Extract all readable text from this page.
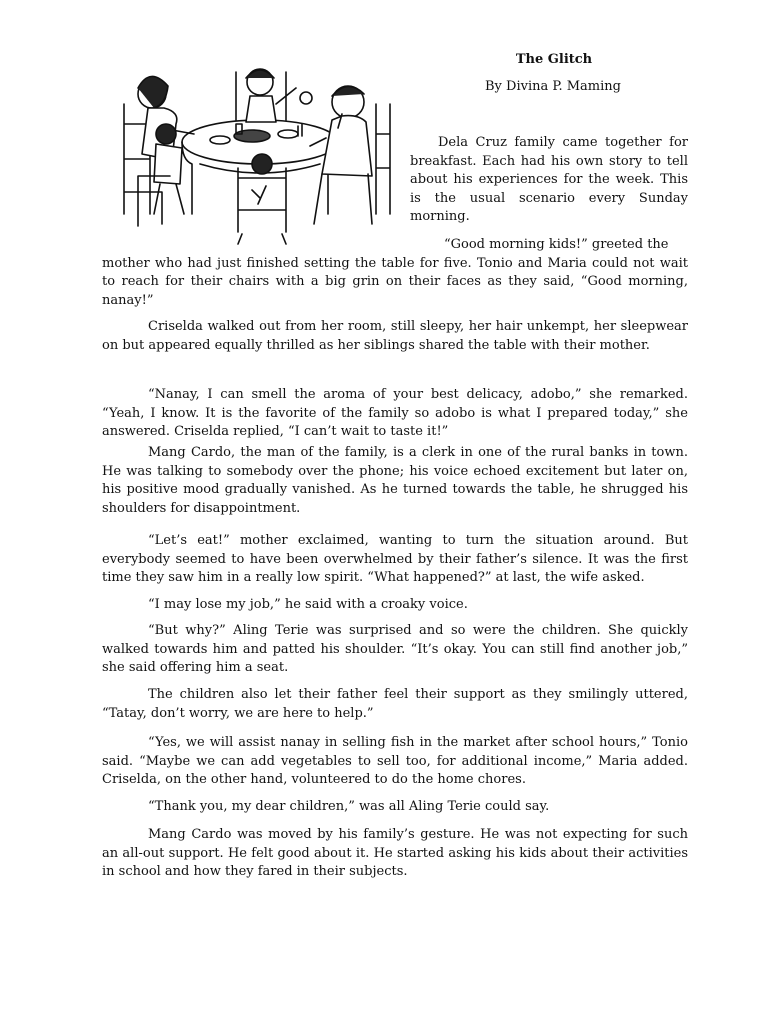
The Glitch
By Divina P. Maming

Dela Cruz family came together for breakfast. Each had his own story to tell about his experiences for the week. This is the usual scenario every Sunday morning.

“Good morning kids!” greeted the
mother who had just finished setting the table for five. Tonio and Maria could not wait to reach for their chairs with a big grin on their faces as they said, “Good morning, nanay!”

Criselda walked out from her room, still sleepy, her hair unkempt, her sleepwear on but appeared equally thrilled as her siblings shared the table with their mother.

“Nanay, I can smell the aroma of your best delicacy, adobo,” she remarked. “Yeah, I know. It is the favorite of the family so adobo is what I prepared today,” she answered. Criselda replied, “I can’t wait to taste it!”

Mang Cardo, the man of the family, is a clerk in one of the rural banks in town. He was talking to somebody over the phone; his voice echoed excitement but later on, his positive mood gradually vanished. As he turned towards the table, he shrugged his shoulders for disappointment.

“Let’s eat!” mother exclaimed, wanting to turn the situation around. But everybody seemed to have been overwhelmed by their father’s silence. It was the first time they saw him in a really low spirit. “What happened?” at last, the wife asked.

“I may lose my job,” he said with a croaky voice.

“But why?” Aling Terie was surprised and so were the children. She quickly walked towards him and patted his shoulder. “It’s okay. You can still find another job,” she said offering him a seat.

The children also let their father feel their support as they smilingly uttered, “Tatay, don’t worry, we are here to help.”

“Yes, we will assist nanay in selling fish in the market after school hours,” Tonio said. “Maybe we can add vegetables to sell too, for additional income,” Maria added. Criselda, on the other hand, volunteered to do the home chores.

“Thank you, my dear children,” was all Aling Terie could say.

Mang Cardo was moved by his family’s gesture. He was not expecting for such an all-out support. He felt good about it. He started asking his kids about their activities in school and how they fared in their subjects.
